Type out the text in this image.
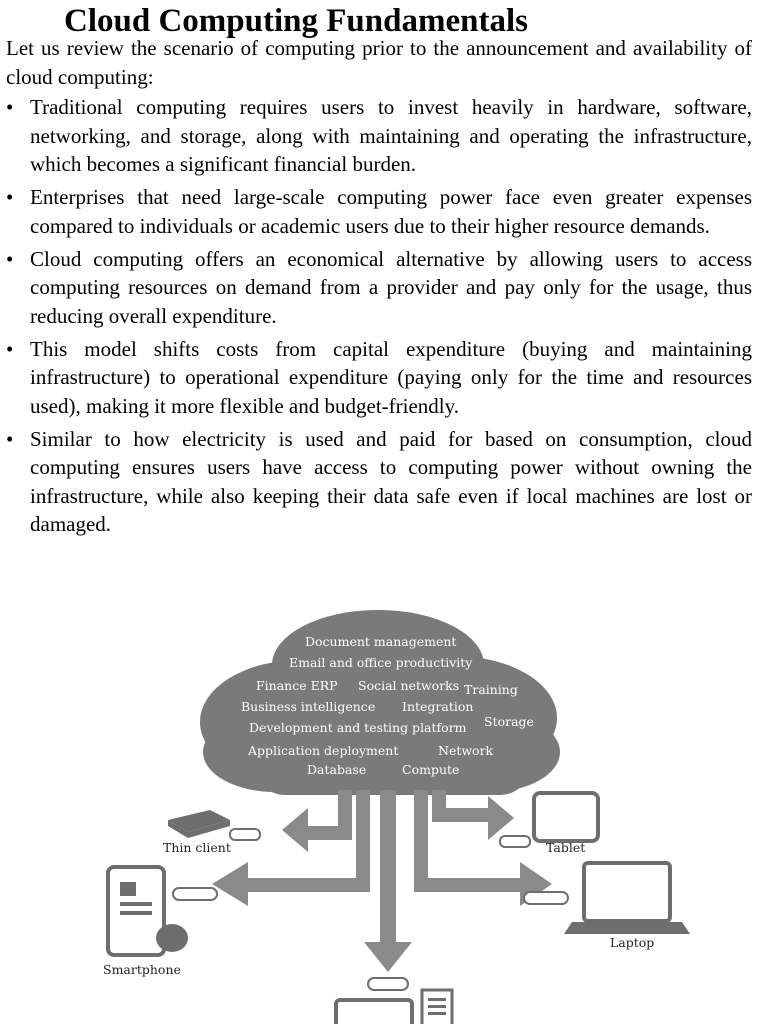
Cloud Computing Fundamentals

Let us review the scenario of computing prior to the announcement and availability of cloud computing:

• Traditional computing requires users to invest heavily in hardware, software, networking, and storage, along with maintaining and operating the infrastructure, which becomes a significant financial burden.
• Enterprises that need large-scale computing power face even greater expenses compared to individuals or academic users due to their higher resource demands.
• Cloud computing offers an economical alternative by allowing users to access computing resources on demand from a provider and pay only for the usage, thus reducing overall expenditure.
• This model shifts costs from capital expenditure (buying and maintaining infrastructure) to operational expenditure (paying only for the time and resources used), making it more flexible and budget-friendly.
• Similar to how electricity is used and paid for based on consumption, cloud computing ensures users have access to computing power without owning the infrastructure, while also keeping their data safe even if local machines are lost or damaged.
Document management
Email and office productivity
Finance ERP Social networks Training
Business intelligence Integration
Development and testing platform Storage
Application deployment	Network
Database	Compute
Thin client	Tablet
Smartphone
Laptop
